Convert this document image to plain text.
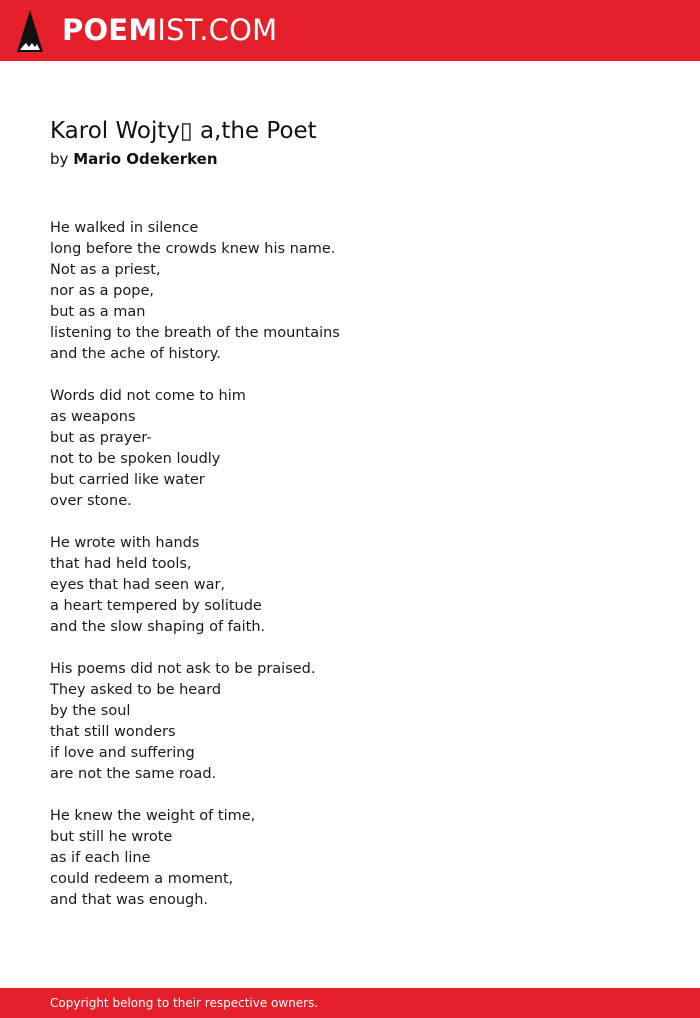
POEMIST.COM
Karol Wojty▯ a,the Poet
by Mario Odekerken
He walked in silence
long before the crowds knew his name.
Not as a priest,
nor as a pope,
but as a man
listening to the breath of the mountains
and the ache of history.
Words did not come to him
as weapons
but as prayer-
not to be spoken loudly
but carried like water
over stone.
He wrote with hands
that had held tools,
eyes that had seen war,
a heart tempered by solitude
and the slow shaping of faith.
His poems did not ask to be praised.
They asked to be heard
by the soul
that still wonders
if love and suffering
are not the same road.
He knew the weight of time,
but still he wrote
as if each line
could redeem a moment,
and that was enough.
Copyright belong to their respective owners.
